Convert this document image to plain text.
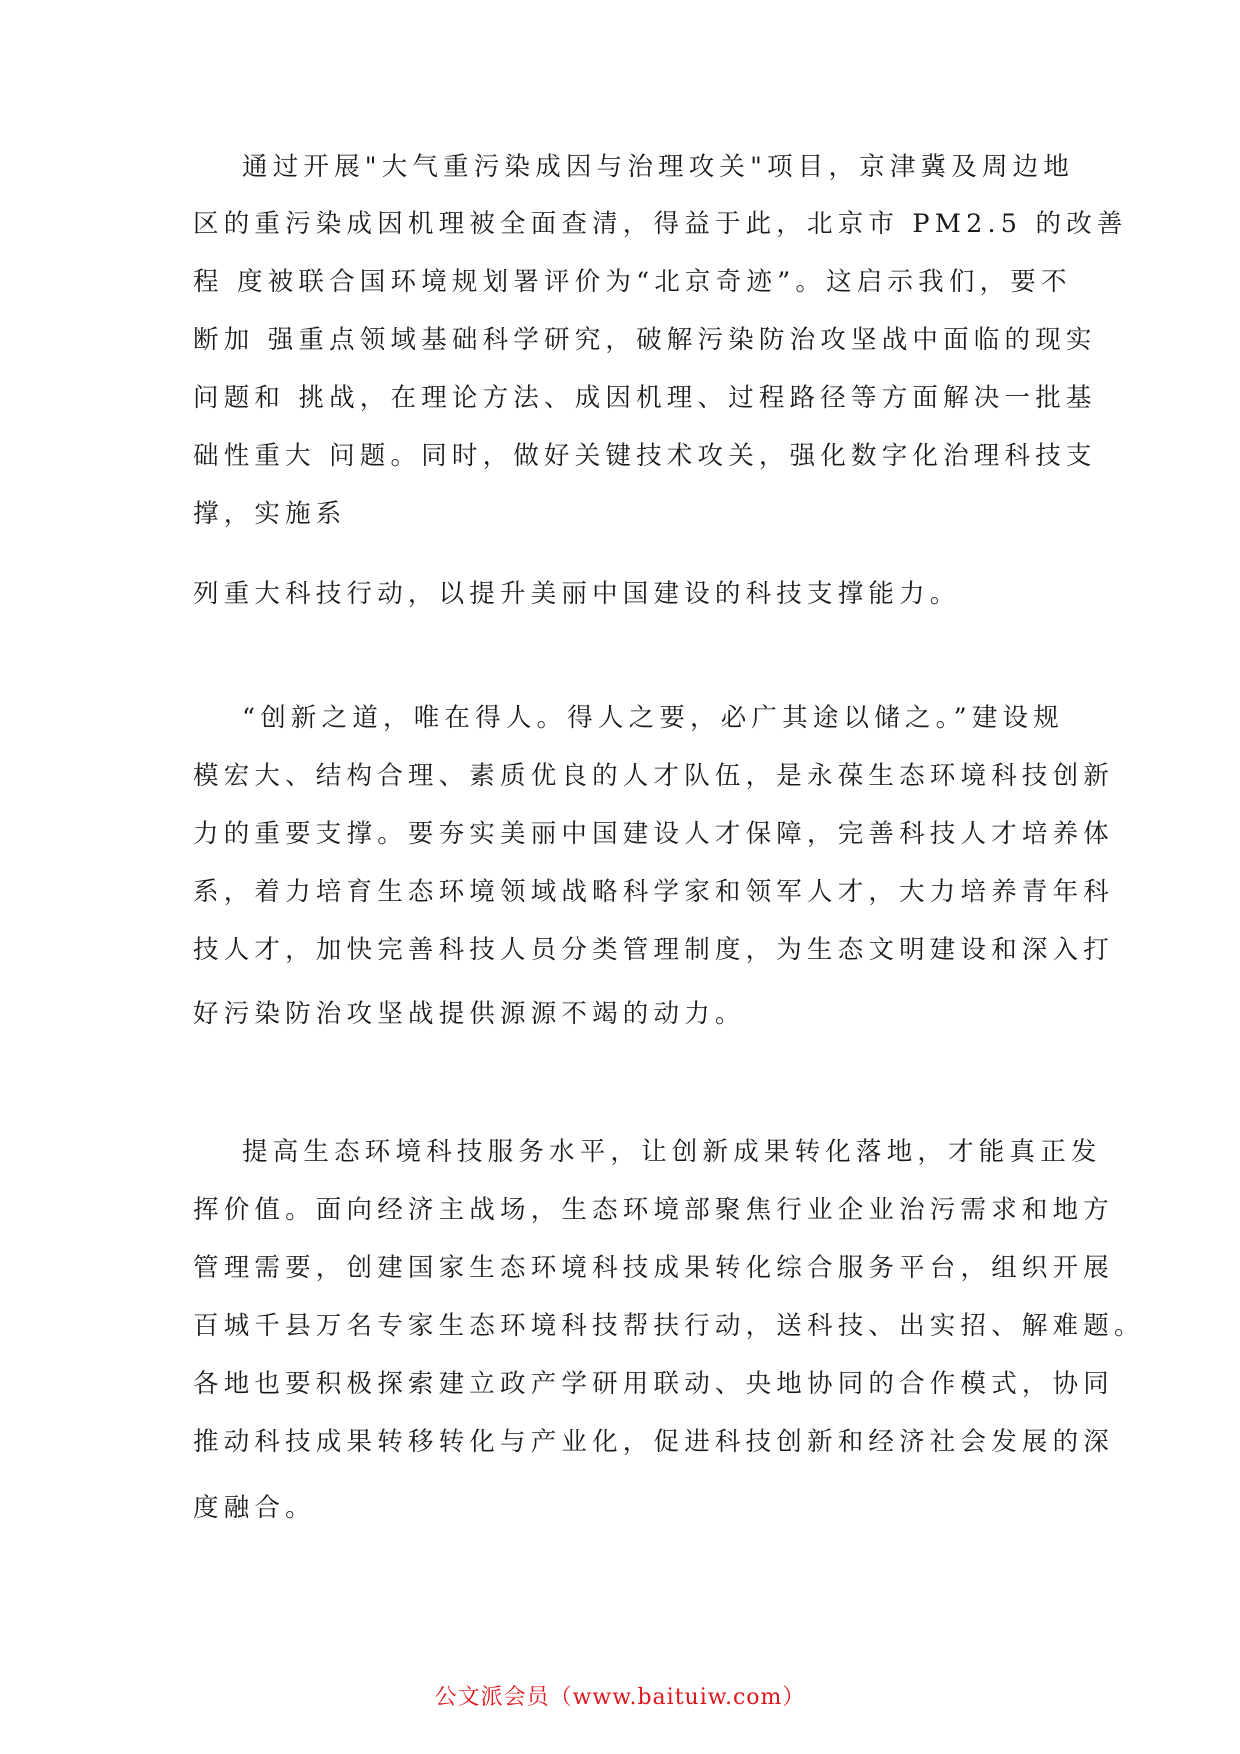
通过开展"大气重污染成因与治理攻关"项目，京津冀及周边地
区的重污染成因机理被全面查清，得益于此，北京市 PM2.5 的改善
程 度被联合国环境规划署评价为“北京奇迹”。这启示我们，要不
断加 强重点领域基础科学研究，破解污染防治攻坚战中面临的现实
问题和 挑战，在理论方法、成因机理、过程路径等方面解决一批基
础性重大 问题。同时，做好关键技术攻关，强化数字化治理科技支
撑，实施系
列重大科技行动，以提升美丽中国建设的科技支撑能力。
“创新之道，唯在得人。得人之要，必广其途以储之。”建设规
模宏大、结构合理、素质优良的人才队伍，是永葆生态环境科技创新
力的重要支撑。要夯实美丽中国建设人才保障，完善科技人才培养体
系，着力培育生态环境领域战略科学家和领军人才，大力培养青年科
技人才，加快完善科技人员分类管理制度，为生态文明建设和深入打
好污染防治攻坚战提供源源不竭的动力。
提高生态环境科技服务水平，让创新成果转化落地，才能真正发
挥价值。面向经济主战场，生态环境部聚焦行业企业治污需求和地方
管理需要，创建国家生态环境科技成果转化综合服务平台，组织开展
百城千县万名专家生态环境科技帮扶行动，送科技、出实招、解难题。
各地也要积极探索建立政产学研用联动、央地协同的合作模式，协同
推动科技成果转移转化与产业化，促进科技创新和经济社会发展的深
度融合。
公文派会员（www.baituiw.com）
